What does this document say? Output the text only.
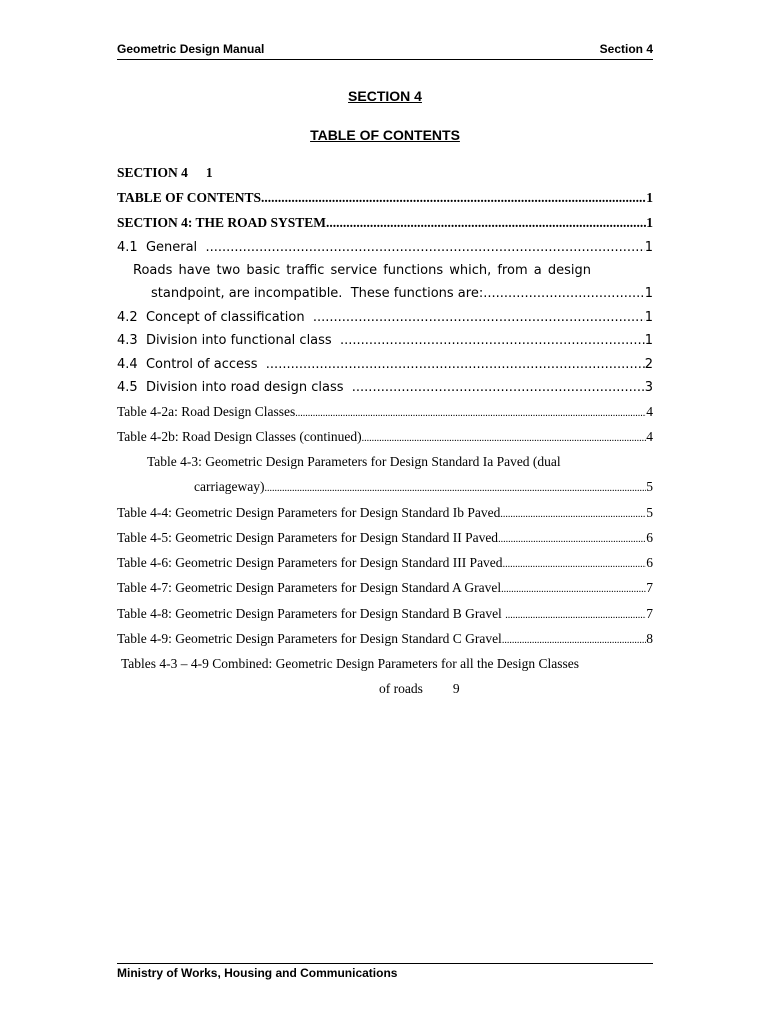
Geometric Design Manual	Section 4
SECTION 4
TABLE OF CONTENTS
SECTION 4 1
TABLE OF CONTENTS .....	1
SECTION 4: THE ROAD SYSTEM .....	1
4.1  General .....	1
Roads have two basic traffic service functions which, from a design
standpoint, are incompatible.  These functions are: .....	1
4.2  Concept of classification .....	1
4.3  Division into functional class .....	1
4.4  Control of access .....	2
4.5  Division into road design class .....	3
Table 4-2a: Road Design Classes .....	4
Table 4-2b: Road Design Classes (continued) .....	4
Table 4-3: Geometric Design Parameters for Design Standard Ia Paved (dual
carriageway) .....	5
Table 4-4: Geometric Design Parameters for Design Standard Ib Paved .....	5
Table 4-5: Geometric Design Parameters for Design Standard II Paved .....	6
Table 4-6: Geometric Design Parameters for Design Standard III Paved .....	6
Table 4-7: Geometric Design Parameters for Design Standard A Gravel .....	7
Table 4-8: Geometric Design Parameters for Design Standard B Gravel .....	7
Table 4-9: Geometric Design Parameters for Design Standard C Gravel .....	8
Tables 4-3 – 4-9 Combined: Geometric Design Parameters for all the Design Classes
of roads 9
Ministry of Works, Housing and Communications
